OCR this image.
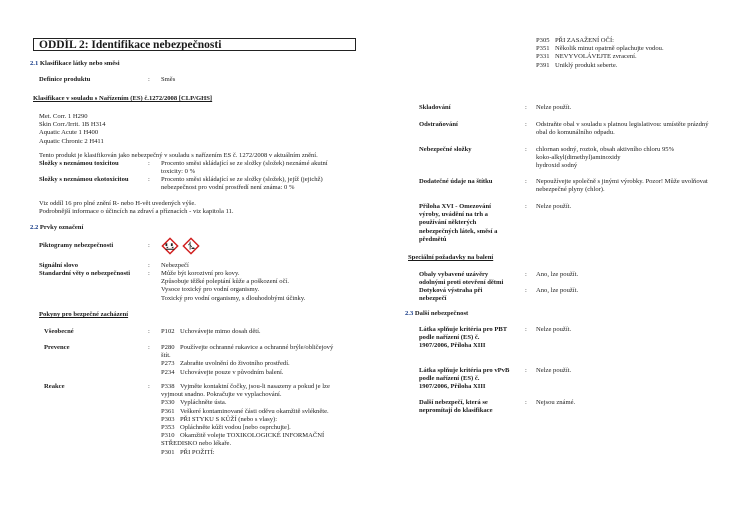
ODDÍL 2: Identifikace nebezpečnosti
2.1 Klasifikace látky nebo směsi
Definice produktu	: Směs
Klasifikace v souladu s Nařízením (ES) č.1272/2008 [CLP/GHS]
Met. Corr. 1 H290
Skin Corr./Irrit. 1B H314
Aquatic Acute 1 H400
Aquatic Chronic 2 H411
Tento produkt je klasifikován jako nebezpečný v souladu s nařízením ES č. 1272/2008 v aktuálním znění.
Složky s neznámou toxicitou	: Procento směsi skládající se ze složky (složek) neznámé akutní
toxicity: 0 %
Složky s neznámou ekotoxicitou	: Procento směsi skládající se ze složky (složek), jejíž (jejichž)
nebezpečnost pro vodní prostředí není známa: 0 %
Viz oddíl 16 pro plné znění R- nebo H-vět uvedených výše.
Podrobnější informace o účincích na zdraví a příznacích - viz kapitola 11.
2.2 Prvky označení
Piktogramy nebezpečnosti	:
Signální slovo	: Nebezpečí
Standardní věty o nebezpečnosti	: Může být korozivní pro kovy.
Způsobuje těžké poleptání kůže a poškození očí.
Vysoce toxický pro vodní organismy.
Toxický pro vodní organismy, s dlouhodobými účinky.
Pokyny pro bezpečné zacházení
Všeobecné	: P102 Uchovávejte mimo dosah dětí.
Prevence	: P280 Používejte ochranné rukavice a ochranné brýle/obličejový
štít.
P273 Zabraňte uvolnění do životního prostředí.
P234 Uchovávejte pouze v původním balení.
Reakce	: P338 Vyjměte kontaktní čočky, jsou-li nasazeny a pokud je lze
vyjmout snadno. Pokračujte ve vyplachování.
P330 Vypláchněte ústa.
P361 Veškeré kontaminované části oděvu okamžitě svlékněte.
P303 PŘI STYKU S KŮŽÍ (nebo s vlasy):
P353 Opláchněte kůži vodou [nebo osprchujte].
P310 Okamžitě volejte TOXIKOLOGICKÉ INFORMAČNÍ
STŘEDISKO nebo lékaře.
P301 PŘI POŽITÍ:
P305 PŘI ZASAŽENÍ OČÍ:
P351 Několik minut opatrně oplachujte vodou.
P331 NEVYVOLÁVEJTE zvracení.
P391 Uniklý produkt seberte.
Skladování	: Nelze použít.
Odstraňování	: Odstraňte obal v souladu s platnou legislativou: umístěte prázdný
obal do komunálního odpadu.
Nebezpečné složky	: chlornan sodný, roztok, obsah aktivního chloru 95%
koko-alkyl(dimethyl)aminoxidy
hydroxid sodný
Dodatečné údaje na štítku	: Nepoužívejte společně s jinými výrobky. Pozor! Může uvolňovat
nebezpečné plyny (chlor).
Příloha XVI - Omezování
výroby, uvádění na trh a
používání některých
nebezpečných látek, směsí a
předmětů
: Nelze použít.
Speciální požadavky na balení
Obaly vybavené uzávěry
odolnými proti otevření dětmi
: Ano, lze použít.
Dotyková výstraha při
nebezpečí
: Ano, lze použít.
2.3 Další nebezpečnost
Látka splňuje kritéria pro PBT
podle nařízení (ES) č.
1907/2006, Příloha XIII
: Nelze použít.
Látka splňuje kritéria pro vPvB
podle nařízení (ES) č.
1907/2006, Příloha XIII
: Nelze použít.
Další nebezpečí, která se
nepromítají do klasifikace
: Nejsou známé.
